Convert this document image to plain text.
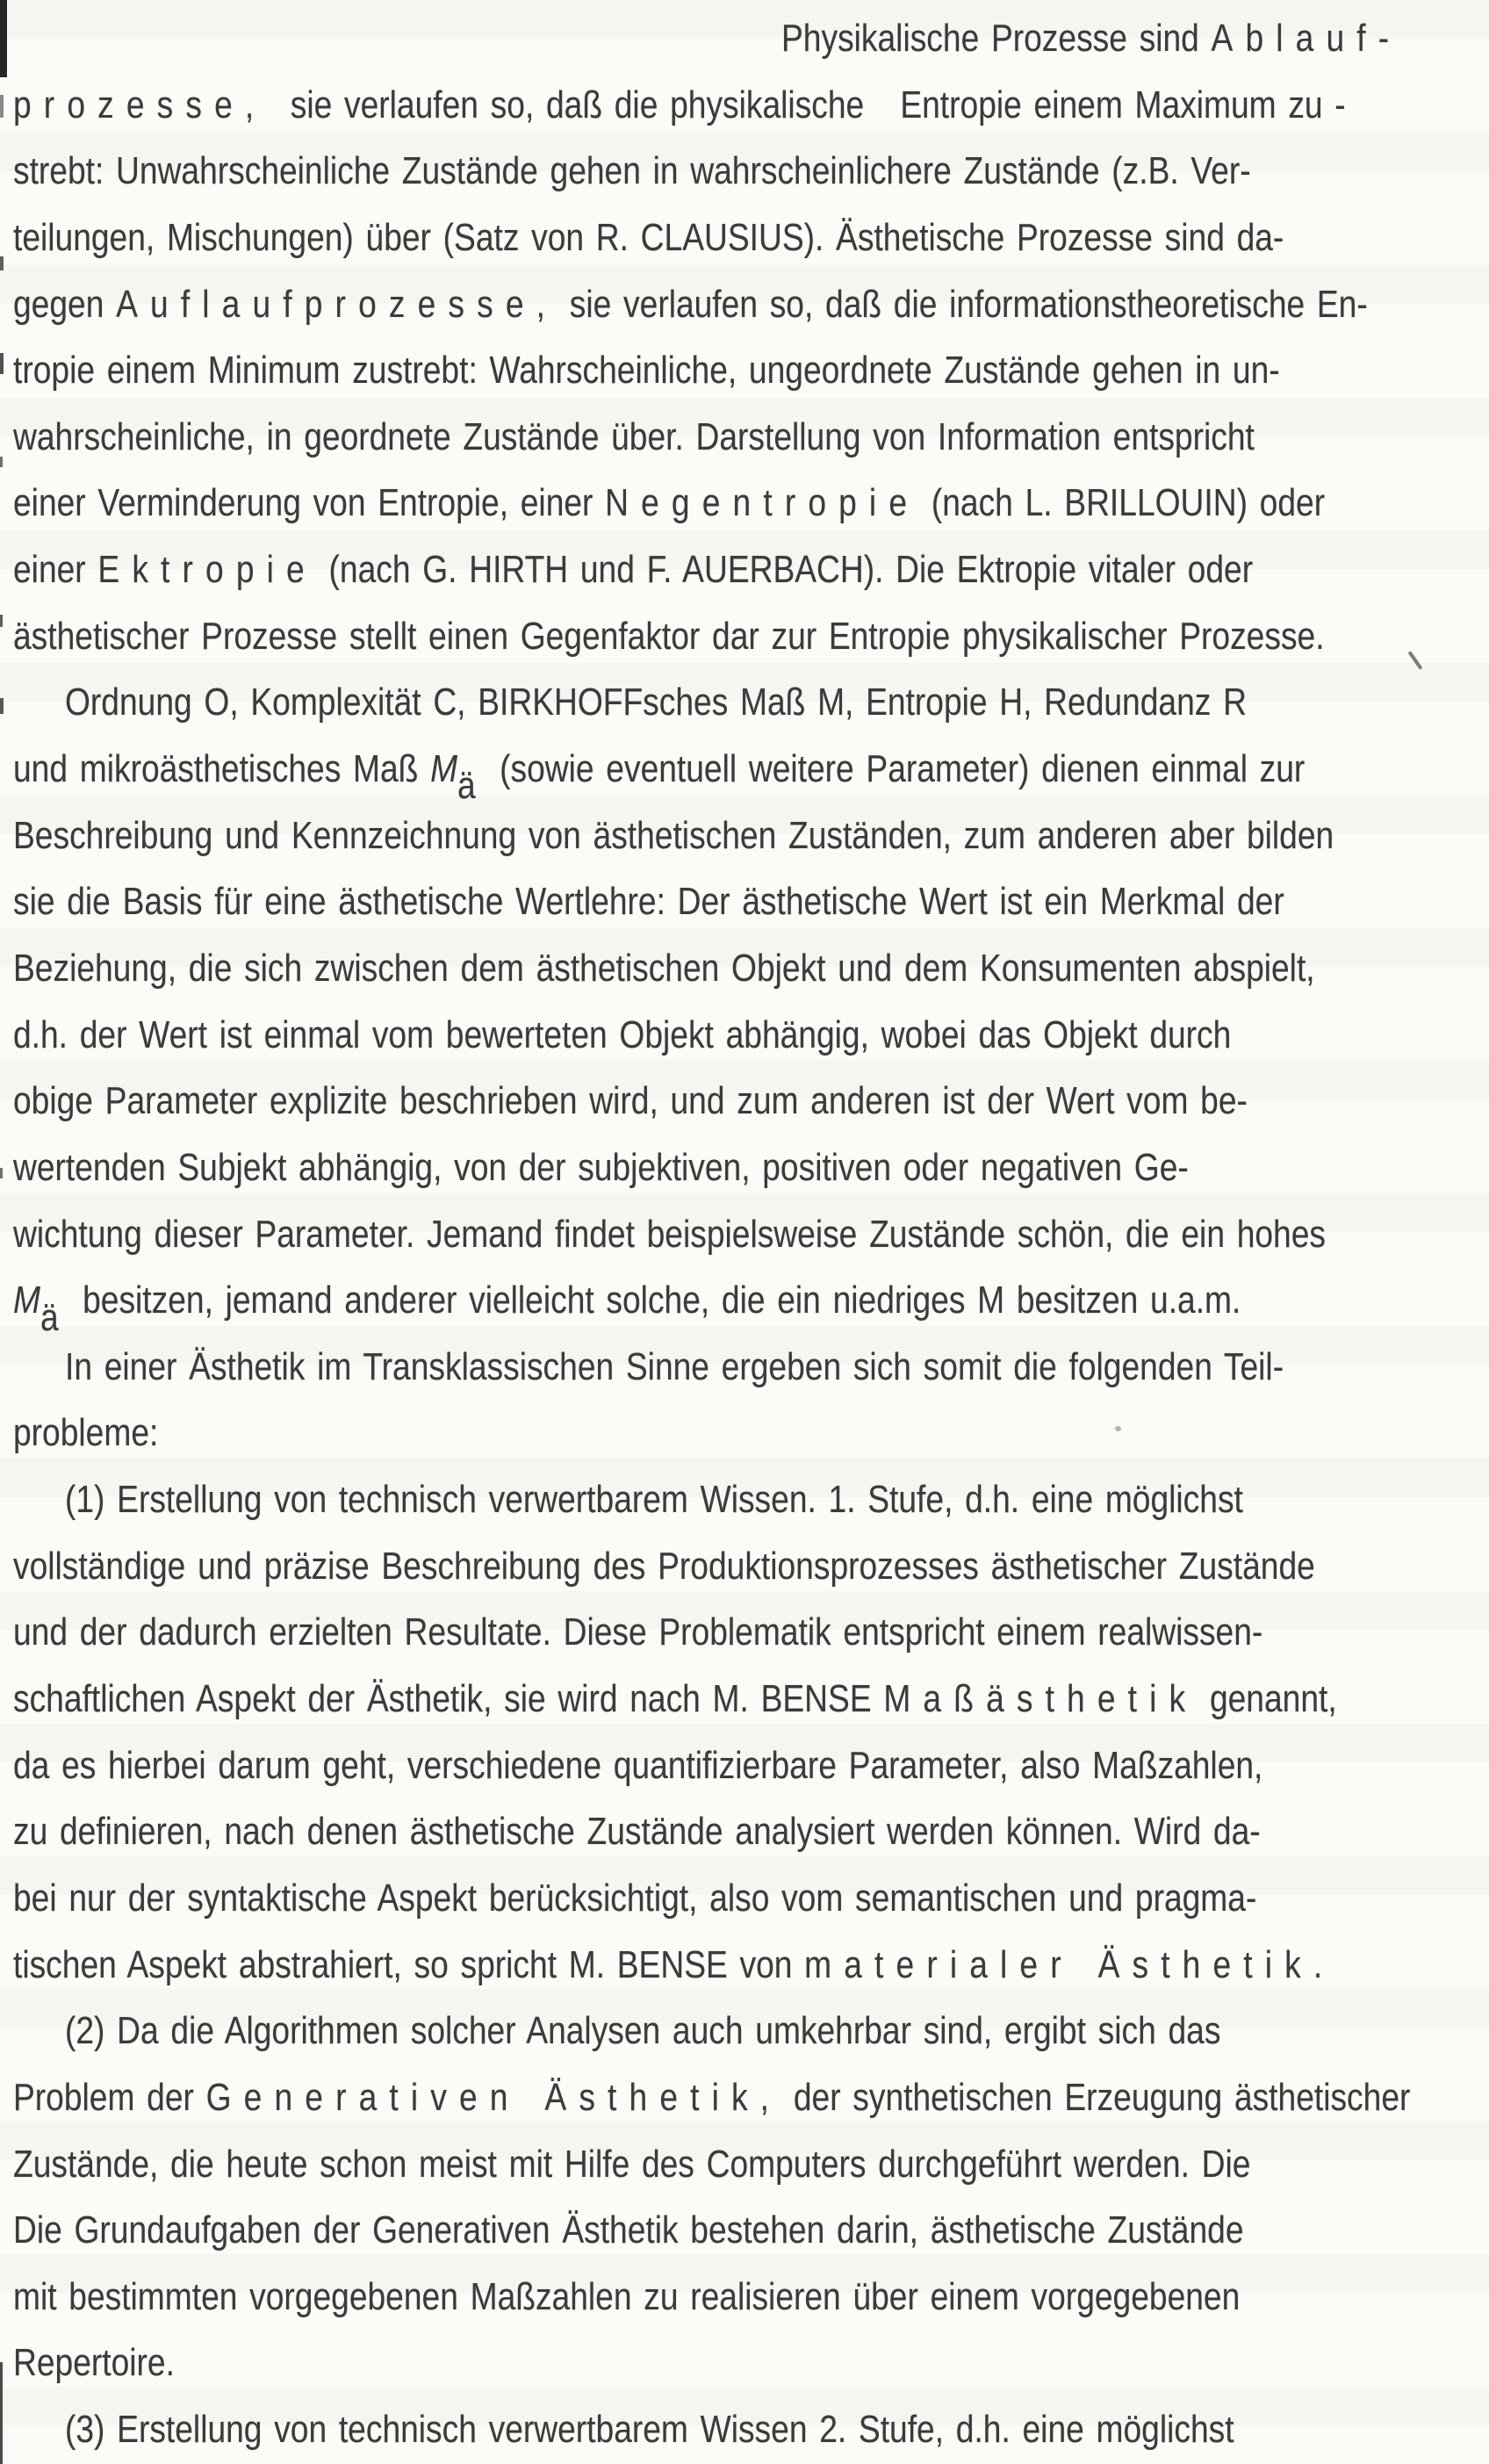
Physikalische Prozesse sind Ablauf-
prozesse,  sie verlaufen so, daß die physikalische   Entropie einem Maximum zu -
strebt: Unwahrscheinliche Zustände gehen in wahrscheinlichere Zustände (z.B. Ver-
teilungen, Mischungen) über (Satz von R. CLAUSIUS). Ästhetische Prozesse sind da-
gegen Auflaufprozesse, sie verlaufen so, daß die informationstheoretische En-
tropie einem Minimum zustrebt: Wahrscheinliche, ungeordnete Zustände gehen in un-
wahrscheinliche, in geordnete Zustände über. Darstellung von Information entspricht
einer Verminderung von Entropie, einer Negentropie (nach L. BRILLOUIN) oder
einer Ektropie (nach G. HIRTH und F. AUERBACH). Die Ektropie vitaler oder
ästhetischer Prozesse stellt einen Gegenfaktor dar zur Entropie physikalischer Prozesse.
Ordnung O, Komplexität C, BIRKHOFFsches Maß M, Entropie H, Redundanz R
und mikroästhetisches Maß Mä  (sowie eventuell weitere Parameter) dienen einmal zur
Beschreibung und Kennzeichnung von ästhetischen Zuständen, zum anderen aber bilden
sie die Basis für eine ästhetische Wertlehre: Der ästhetische Wert ist ein Merkmal der
Beziehung, die sich zwischen dem ästhetischen Objekt und dem Konsumenten abspielt,
d.h. der Wert ist einmal vom bewerteten Objekt abhängig, wobei das Objekt durch
obige Parameter explizite beschrieben wird, und zum anderen ist der Wert vom be-
wertenden Subjekt abhängig, von der subjektiven, positiven oder negativen Ge-
wichtung dieser Parameter. Jemand findet beispielsweise Zustände schön, die ein hohes
Mä  besitzen, jemand anderer vielleicht solche, die ein niedriges M besitzen u.a.m.
In einer Ästhetik im Transklassischen Sinne ergeben sich somit die folgenden Teil-
probleme:
(1) Erstellung von technisch verwertbarem Wissen. 1. Stufe, d.h. eine möglichst
vollständige und präzise Beschreibung des Produktionsprozesses ästhetischer Zustände
und der dadurch erzielten Resultate. Diese Problematik entspricht einem realwissen-
schaftlichen Aspekt der Ästhetik, sie wird nach M. BENSE Maßästhetik genannt,
da es hierbei darum geht, verschiedene quantifizierbare Parameter, also Maßzahlen,
zu definieren, nach denen ästhetische Zustände analysiert werden können. Wird da-
bei nur der syntaktische Aspekt berücksichtigt, also vom semantischen und pragma-
tischen Aspekt abstrahiert, so spricht M. BENSE von materialer Ästhetik.
(2) Da die Algorithmen solcher Analysen auch umkehrbar sind, ergibt sich das
Problem der Generativen Ästhetik, der synthetischen Erzeugung ästhetischer
Zustände, die heute schon meist mit Hilfe des Computers durchgeführt werden. Die
Die Grundaufgaben der Generativen Ästhetik bestehen darin, ästhetische Zustände
mit bestimmten vorgegebenen Maßzahlen zu realisieren über einem vorgegebenen
Repertoire.
(3) Erstellung von technisch verwertbarem Wissen 2. Stufe, d.h. eine möglichst
